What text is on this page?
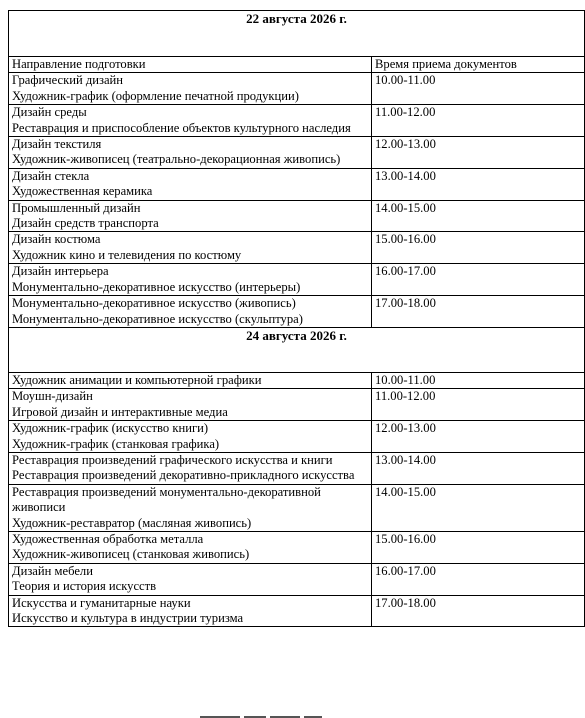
22 августа 2026 г.	
Направление подготовки	Время приема документов

Графический дизайн
Художник-график (оформление печатной продукции)	10.00-11.00

Дизайн среды
Реставрация и приспособление объектов культурного наследия	11.00-12.00

Дизайн текстиля
Художник-живописец (театрально-декорационная живопись)	12.00-13.00

Дизайн стекла
Художественная керамика	13.00-14.00

Промышленный дизайн
Дизайн средств транспорта	14.00-15.00

Дизайн костюма
Художник кино и телевидения по костюму	15.00-16.00

Дизайн интерьера
Монументально-декоративное искусство (интерьеры)	16.00-17.00

Монументально-декоративное искусство (живопись)
Монументально-декоративное искусство (скульптура)	17.00-18.00
24 августа 2026 г.	

Художник анимации и компьютерной графики	10.00-11.00

Моушн-дизайн
Игровой дизайн и интерактивные медиа	11.00-12.00

Художник-график (искусство книги)
Художник-график (станковая графика)	12.00-13.00

Реставрация произведений графического искусства и книги
Реставрация произведений декоративно-прикладного искусства	13.00-14.00

Реставрация произведений монументально-декоративной живописи
Художник-реставратор (масляная живопись)	14.00-15.00

Художественная обработка металла
Художник-живописец (станковая живопись)	15.00-16.00

Дизайн мебели
Теория и история искусств	16.00-17.00

Искусства и гуманитарные науки
Искусство и культура в индустрии туризма	17.00-18.00
